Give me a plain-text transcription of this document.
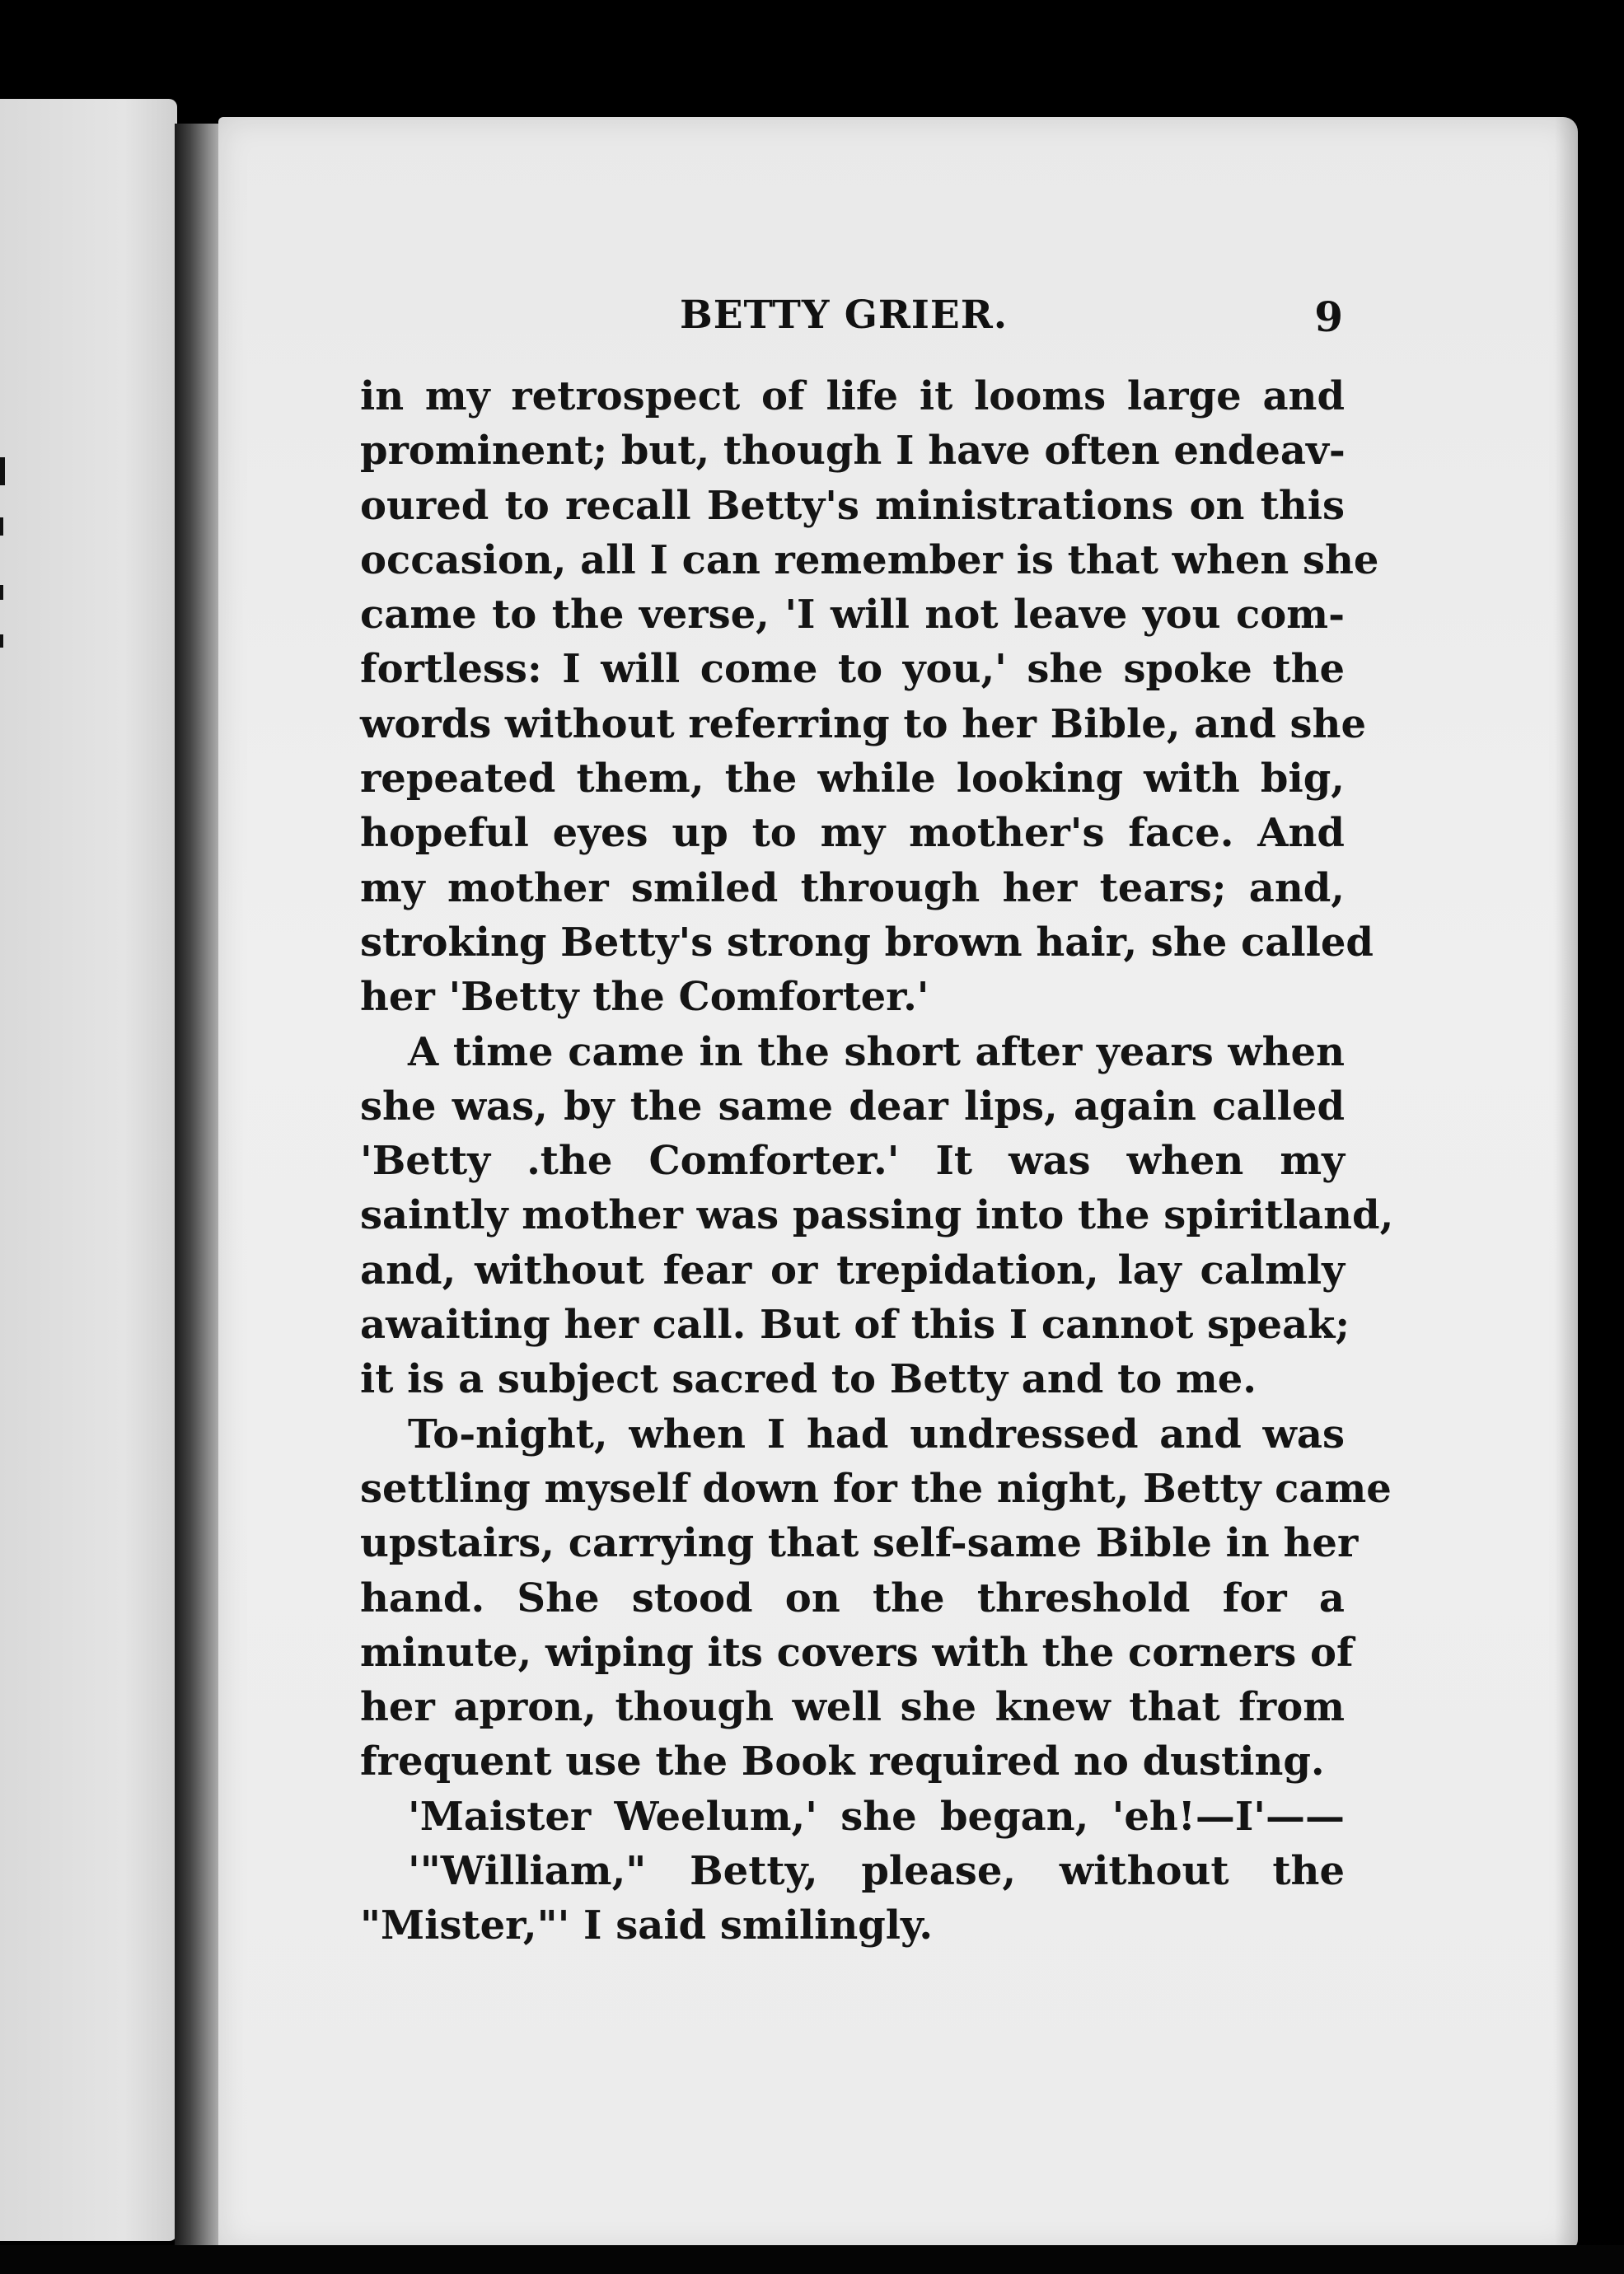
BETTY GRIER.	9
in my retrospect of life it looms large and
prominent; but, though I have often endeav-
oured to recall Betty's ministrations on this
occasion, all I can remember is that when she
came to the verse, 'I will not leave you com-
fortless: I will come to you,' she spoke the
words without referring to her Bible, and she
repeated them, the while looking with big,
hopeful eyes up to my mother's face. And
my mother smiled through her tears; and,
stroking Betty's strong brown hair, she called
her 'Betty the Comforter.'
A time came in the short after years when
she was, by the same dear lips, again called
'Betty .the Comforter.' It was when my
saintly mother was passing into the spiritland,
and, without fear or trepidation, lay calmly
awaiting her call. But of this I cannot speak;
it is a subject sacred to Betty and to me.
To-night, when I had undressed and was
settling myself down for the night, Betty came
upstairs, carrying that self-same Bible in her
hand. She stood on the threshold for a
minute, wiping its covers with the corners of
her apron, though well she knew that from
frequent use the Book required no dusting.
'Maister Weelum,' she began, 'eh!—I'——
'"William," Betty, please, without the
"Mister,"' I said smilingly.
